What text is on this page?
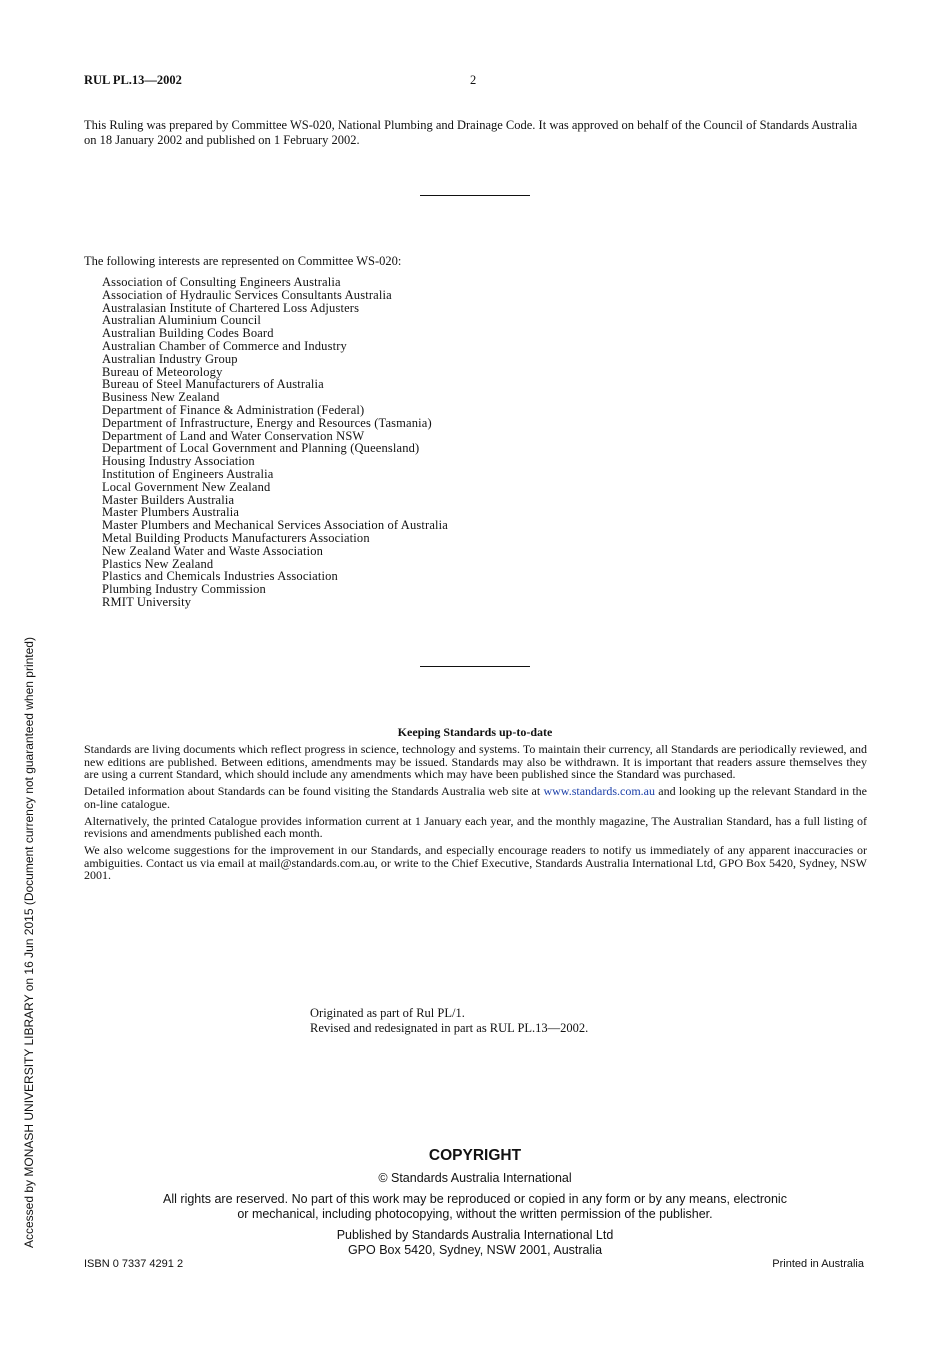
RUL PL.13—2002	2
This Ruling was prepared by Committee WS-020, National Plumbing and Drainage Code. It was approved on behalf of the Council of Standards Australia on 18 January 2002 and published on 1 February 2002.
The following interests are represented on Committee WS-020:
Association of Consulting Engineers Australia
Association of Hydraulic Services Consultants Australia
Australasian Institute of Chartered Loss Adjusters
Australian Aluminium Council
Australian Building Codes Board
Australian Chamber of Commerce and Industry
Australian Industry Group
Bureau of Meteorology
Bureau of Steel Manufacturers of Australia
Business New Zealand
Department of Finance & Administration (Federal)
Department of Infrastructure, Energy and Resources (Tasmania)
Department of Land and Water Conservation NSW
Department of Local Government and Planning (Queensland)
Housing Industry Association
Institution of Engineers Australia
Local Government New Zealand
Master Builders Australia
Master Plumbers Australia
Master Plumbers and Mechanical Services Association of Australia
Metal Building Products Manufacturers Association
New Zealand Water and Waste Association
Plastics New Zealand
Plastics and Chemicals Industries Association
Plumbing Industry Commission
RMIT University
Keeping Standards up-to-date

Standards are living documents which reflect progress in science, technology and systems. To maintain their currency, all Standards are periodically reviewed, and new editions are published. Between editions, amendments may be issued. Standards may also be withdrawn. It is important that readers assure themselves they are using a current Standard, which should include any amendments which may have been published since the Standard was purchased.

Detailed information about Standards can be found visiting the Standards Australia web site at www.standards.com.au and looking up the relevant Standard in the on-line catalogue.

Alternatively, the printed Catalogue provides information current at 1 January each year, and the monthly magazine, The Australian Standard, has a full listing of revisions and amendments published each month.

We also welcome suggestions for the improvement in our Standards, and especially encourage readers to notify us immediately of any apparent inaccuracies or ambiguities. Contact us via email at mail@standards.com.au, or write to the Chief Executive, Standards Australia International Ltd, GPO Box 5420, Sydney, NSW 2001.

Originated as part of Rul PL/1.
Revised and redesignated in part as RUL PL.13—2002.
COPYRIGHT
© Standards Australia International
All rights are reserved. No part of this work may be reproduced or copied in any form or by any means, electronic
or mechanical, including photocopying, without the written permission of the publisher.
Published by Standards Australia International Ltd
GPO Box 5420, Sydney, NSW 2001, Australia
ISBN 0 7337 4291 2	Printed in Australia
Accessed by MONASH UNIVERSITY LIBRARY on 16 Jun 2015 (Document currency not guaranteed when printed)
